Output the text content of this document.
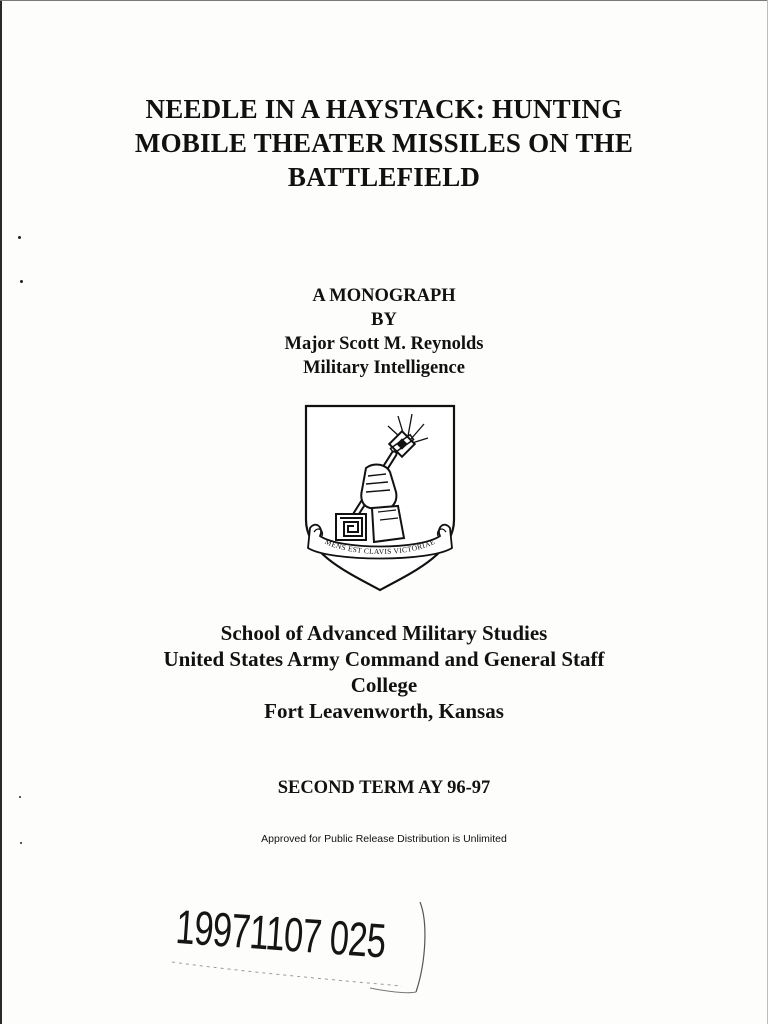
NEEDLE IN A HAYSTACK: HUNTING
MOBILE THEATER MISSILES ON THE
BATTLEFIELD
A MONOGRAPH
BY
Major Scott M. Reynolds
Military Intelligence
MENS EST CLAVIS VICTORIAE
School of Advanced Military Studies
United States Army Command and General Staff
College
Fort Leavenworth, Kansas
SECOND TERM AY 96-97
Approved for Public Release Distribution is Unlimited
19971107 025
